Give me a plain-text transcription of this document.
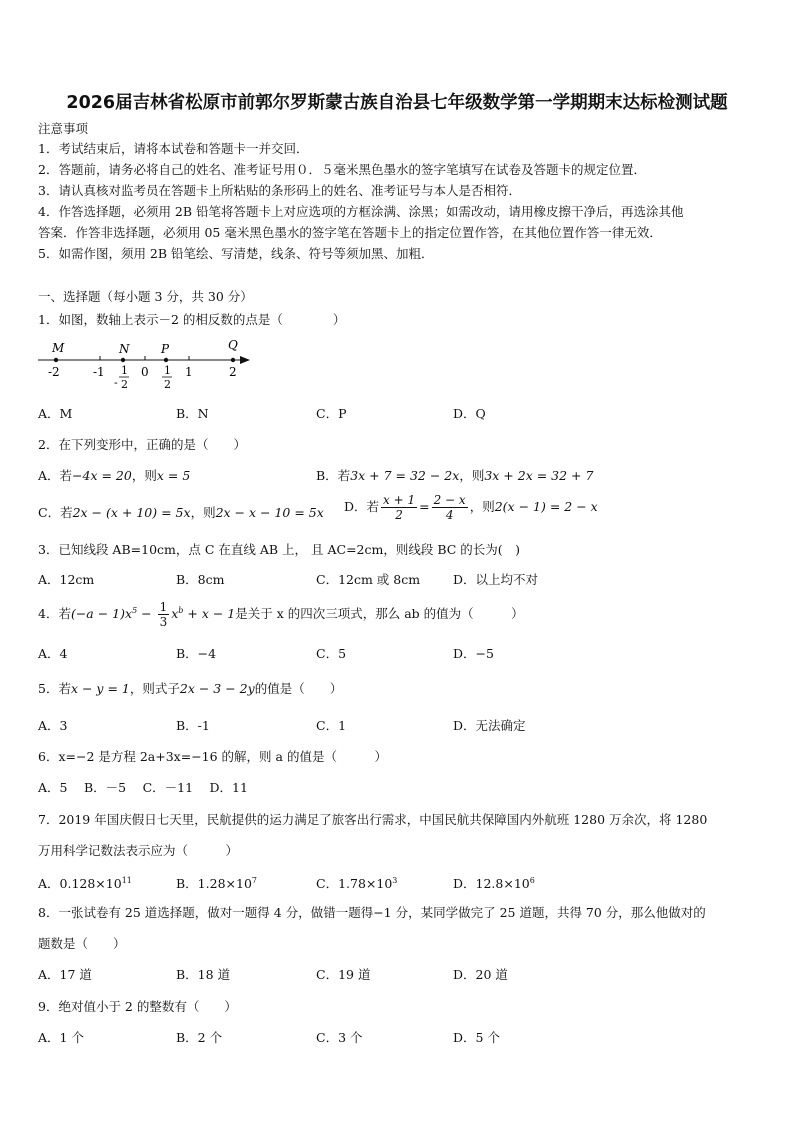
2026届吉林省松原市前郭尔罗斯蒙古族自治县七年级数学第一学期期末达标检测试题
注意事项
1．考试结束后，请将本试卷和答题卡一并交回．
2．答题前，请务必将自己的姓名、准考证号用０．５毫米黑色墨水的签字笔填写在试卷及答题卡的规定位置．
3．请认真核对监考员在答题卡上所粘贴的条形码上的姓名、准考证号与本人是否相符．
4．作答选择题，必须用 2B 铅笔将答题卡上对应选项的方框涂满、涂黑；如需改动，请用橡皮擦干净后，再选涂其他
答案．作答非选择题，必须用 05 毫米黑色墨水的签字笔在答题卡上的指定位置作答，在其他位置作答一律无效．
5．如需作图，须用 2B 铅笔绘、写清楚，线条、符号等须加黑、加粗．
一、选择题（每小题 3 分，共 30 分）
1．如图，数轴上表示－2 的相反数的点是（　　　　）
M	N	P	Q
-2	-1	0	1	2
1
- 2
1
2
A．M	B．N	C．P	D．Q
2．在下列变形中，正确的是（　　）
A．若−4x = 20，则x = 5	B．若3x + 7 = 32 − 2x，则3x + 2x = 32 + 7
C．若2x − (x + 10) = 5x，则2x − x − 10 = 5x D．若 $\frac{x + 1}{2} = \frac{2 - x}{4}$ ，则2(x − 1) = 2 − x
3．已知线段 AB=10cm，点 C 在直线 AB 上， 且 AC=2cm，则线段 BC 的长为(　)
A．12cm	B．8cm	C．12cm 或 8cm	D．以上均不对
4．若$(-a - 1)x^5 - \frac{1}{3} x^b + x - 1$是关于 x 的四次三项式，那么 ab 的值为（　　　）
A．4	B．−4	C．5	D．−5
5．若x − y = 1，则式子2x − 3 − 2y的值是（　　）
A．3	B．-1	C．1	D．无法确定
6．x=−2 是方程 2a+3x=−16 的解，则 a 的值是（　　　）
A．5　 B．－5　 C．－11　 D．11
7．2019 年国庆假日七天里，民航提供的运力满足了旅客出行需求，中国民航共保障国内外航班 1280 万余次，将 1280
万用科学记数法表示应为（　　　）
A．$0.128\times 10^{11}$	B．$1.28\times 10^7$	C．$1.78\times 10^3$	D．$12.8\times 10^6$
8．一张试卷有 25 道选择题，做对一题得 4 分，做错一题得−1 分，某同学做完了 25 道题，共得 70 分，那么他做对的
题数是（　　）
A．17 道	B．18 道	C．19 道	D．20 道
9．绝对值小于 2 的整数有（　　）
A．1 个	B．2 个	C．3 个	D．5 个
